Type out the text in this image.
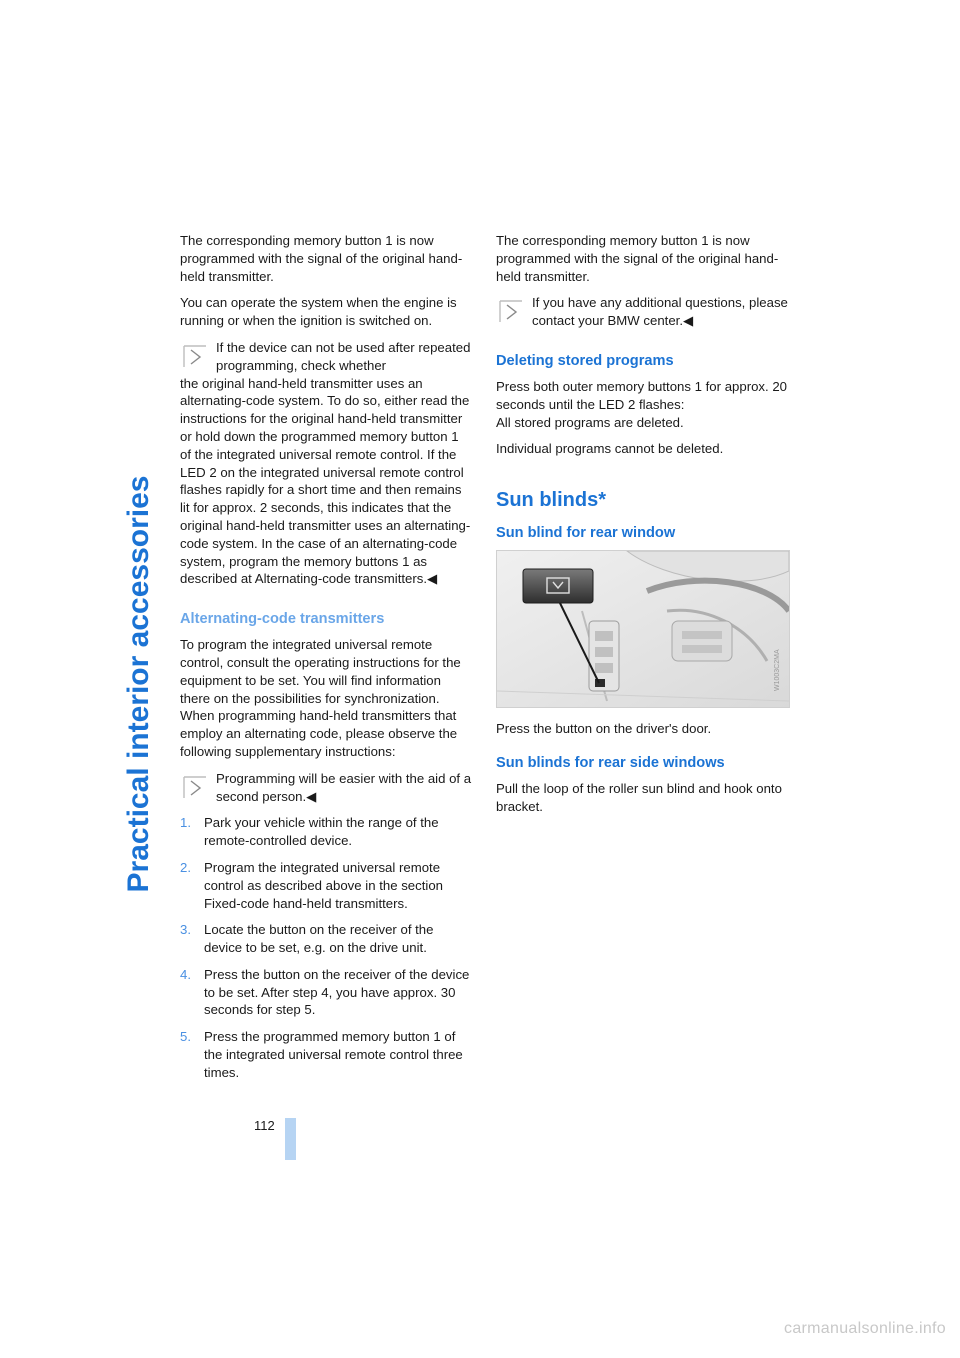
Practical interior accessories

The corresponding memory button 1 is now programmed with the signal of the original hand-held transmitter.

You can operate the system when the engine is running or when the ignition is switched on.

If the device can not be used after repeated programming, check whether
the original hand-held transmitter uses an alternating-code system. To do so, either read the instructions for the original hand-held transmitter or hold down the programmed memory button 1 of the integrated universal remote control. If the LED 2 on the integrated universal remote control flashes rapidly for a short time and then remains lit for approx. 2 seconds, this indicates that the original hand-held transmitter uses an alternating-code system. In the case of an alternating-code system, program the memory buttons 1 as described at Alternating-code transmitters.◀
Alternating-code transmitters

To program the integrated universal remote control, consult the operating instructions for the equipment to be set. You will find information there on the possibilities for synchronization.

When programming hand-held transmitters that employ an alternating code, please observe the following supplementary instructions:

Programming will be easier with the aid of a second person.◀
1. Park your vehicle within the range of the remote-controlled device.
2. Program the integrated universal remote control as described above in the section Fixed-code hand-held transmitters.
3. Locate the button on the receiver of the device to be set, e.g. on the drive unit.
4. Press the button on the receiver of the device to be set. After step 4, you have approx. 30 seconds for step 5.
5. Press the programmed memory button 1 of the integrated universal remote control three times.

The corresponding memory button 1 is now programmed with the signal of the original hand-held transmitter.

If you have any additional questions, please contact your BMW center.◀
Deleting stored programs

Press both outer memory buttons 1 for approx. 20 seconds until the LED 2 flashes:

All stored programs are deleted.

Individual programs cannot be deleted.

Sun blinds*
Sun blind for rear window
W1003C2MA

Press the button on the driver's door.

Sun blinds for rear side windows

Pull the loop of the roller sun blind and hook onto bracket.

112
carmanualsonline.info
